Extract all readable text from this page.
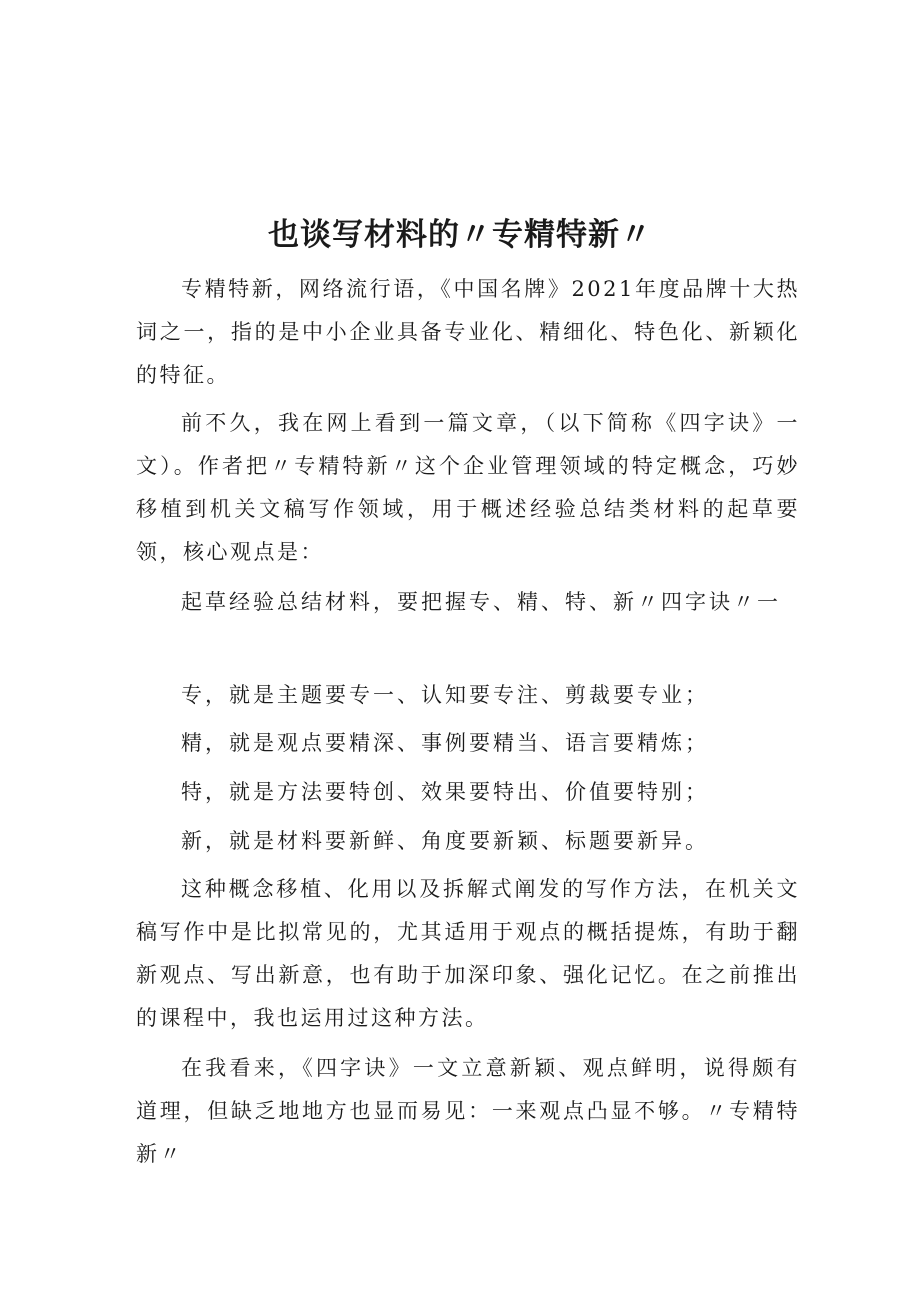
也谈写材料的〃专精特新〃

专精特新，网络流行语，《中国名牌》2021年度品牌十大热词之一，指的是中小企业具备专业化、精细化、特色化、新颖化的特征。

前不久，我在网上看到一篇文章，（以下简称《四字诀》一文）。作者把〃专精特新〃这个企业管理领域的特定概念，巧妙移植到机关文稿写作领域，用于概述经验总结类材料的起草要领，核心观点是：

起草经验总结材料，要把握专、精、特、新〃四字诀〃一

专，就是主题要专一、认知要专注、剪裁要专业；

精，就是观点要精深、事例要精当、语言要精炼；

特，就是方法要特创、效果要特出、价值要特别；

新，就是材料要新鲜、角度要新颖、标题要新异。

这种概念移植、化用以及拆解式阐发的写作方法，在机关文稿写作中是比拟常见的，尤其适用于观点的概括提炼，有助于翻新观点、写出新意，也有助于加深印象、强化记忆。在之前推出的课程中，我也运用过这种方法。

在我看来，《四字诀》一文立意新颖、观点鲜明，说得颇有道理，但缺乏地地方也显而易见：一来观点凸显不够。〃专精特新〃
